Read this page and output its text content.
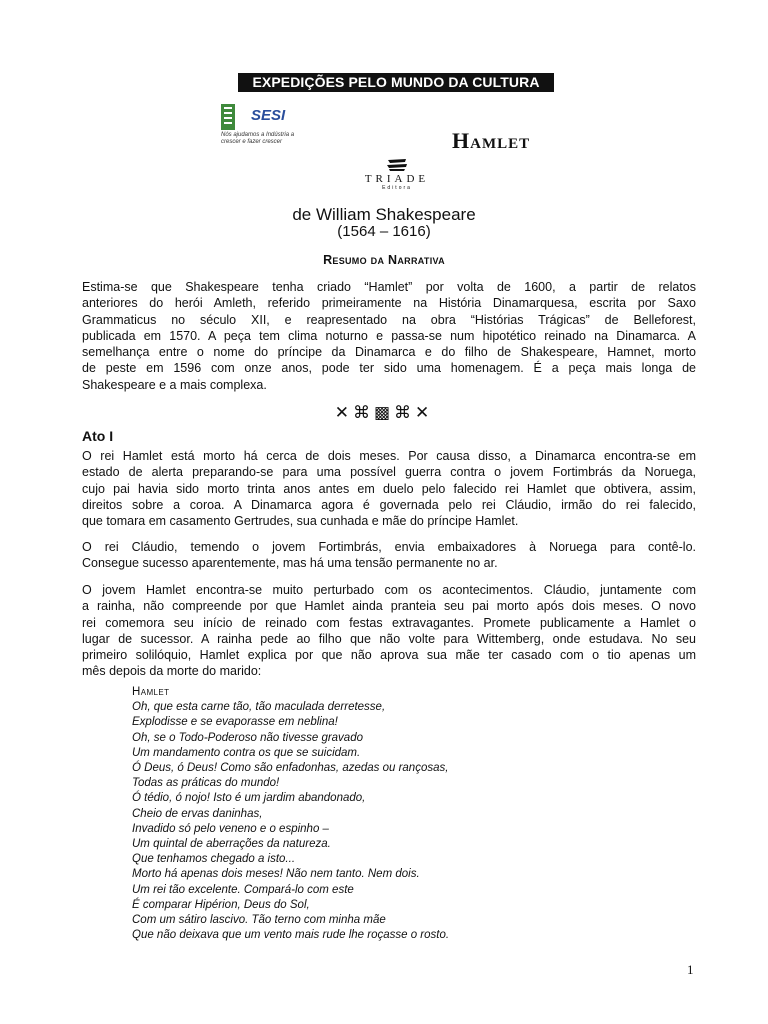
EXPEDIÇÕES PELO MUNDO DA CULTURA
SESI
Nós ajudamos a Indústria a crescer e fazer crescer	Hamlet
TRIADE
Editora
de William Shakespeare
(1564 – 1616)
Resumo da Narrativa
Estima-se que Shakespeare tenha criado “Hamlet” por volta de 1600, a partir de relatos
anteriores do herói Amleth, referido primeiramente na História Dinamarquesa, escrita por Saxo
Grammaticus no século XII, e reapresentado na obra “Histórias Trágicas” de Belleforest,
publicada em 1570. A peça tem clima noturno e passa-se num hipotético reinado na Dinamarca. A
semelhança entre o nome do príncipe da Dinamarca e do filho de Shakespeare, Hamnet, morto
de peste em 1596 com onze anos, pode ter sido uma homenagem. É a peça mais longa de
Shakespeare e a mais complexa.
✕⌘▩⌘✕
Ato I
O rei Hamlet está morto há cerca de dois meses. Por causa disso, a Dinamarca encontra-se em
estado de alerta preparando-se para uma possível guerra contra o jovem Fortimbrás da Noruega,
cujo pai havia sido morto trinta anos antes em duelo pelo falecido rei Hamlet que obtivera, assim,
direitos sobre a coroa. A Dinamarca agora é governada pelo rei Cláudio, irmão do rei falecido,
que tomara em casamento Gertrudes, sua cunhada e mãe do príncipe Hamlet.
O rei Cláudio, temendo o jovem Fortimbrás, envia embaixadores à Noruega para contê-lo.
Consegue sucesso aparentemente, mas há uma tensão permanente no ar.
O jovem Hamlet encontra-se muito perturbado com os acontecimentos. Cláudio, juntamente com
a rainha, não compreende por que Hamlet ainda pranteia seu pai morto após dois meses. O novo
rei comemora seu início de reinado com festas extravagantes. Promete publicamente a Hamlet o
lugar de sucessor. A rainha pede ao filho que não volte para Wittemberg, onde estudava. No seu
primeiro solilóquio, Hamlet explica por que não aprova sua mãe ter casado com o tio apenas um
mês depois da morte do marido:
Hamlet
Oh, que esta carne tão, tão maculada derretesse,
Explodisse e se evaporasse em neblina!
Oh, se o Todo-Poderoso não tivesse gravado
Um mandamento contra os que se suicidam.
Ó Deus, ó Deus! Como são enfadonhas, azedas ou rançosas,
Todas as práticas do mundo!
Ó tédio, ó nojo! Isto é um jardim abandonado,
Cheio de ervas daninhas,
Invadido só pelo veneno e o espinho –
Um quintal de aberrações da natureza.
Que tenhamos chegado a isto...
Morto há apenas dois meses! Não nem tanto. Nem dois.
Um rei tão excelente. Compará-lo com este
É comparar Hipérion, Deus do Sol,
Com um sátiro lascivo. Tão terno com minha mãe
Que não deixava que um vento mais rude lhe roçasse o rosto.
1
